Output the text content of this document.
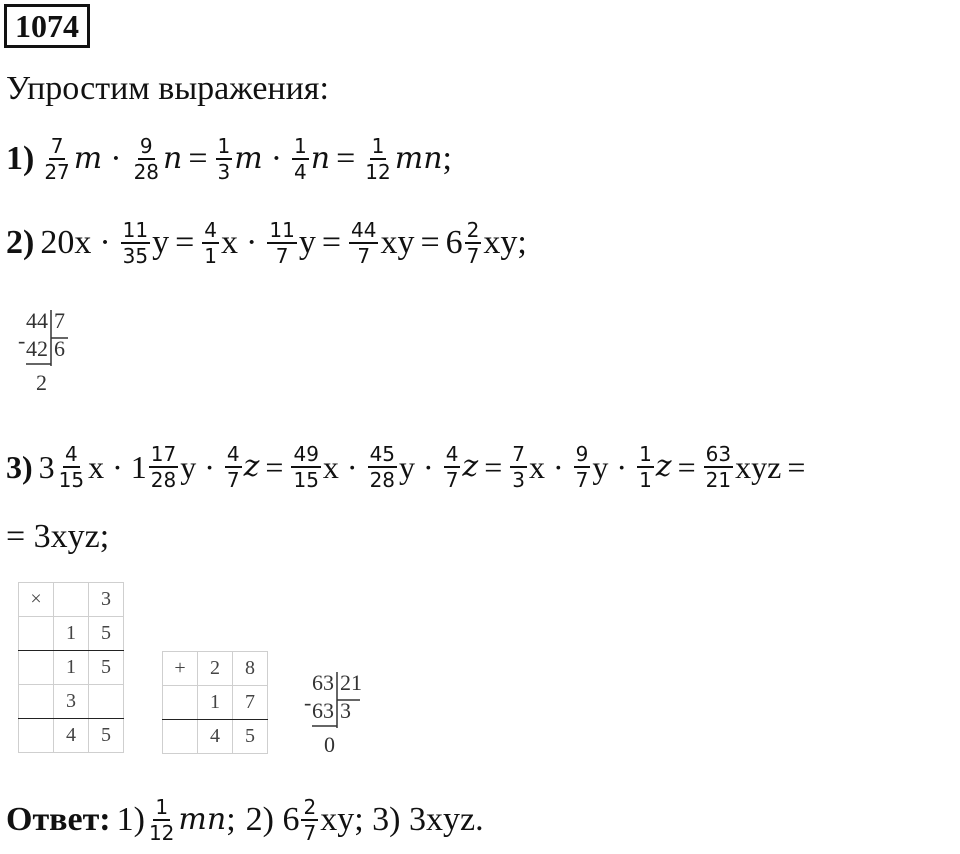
1074
Упростим выражения:
$1) \frac{7}{27}$ $m \cdot \frac{9}{28}$ $n = \frac{1}{3}$ $m \cdot \frac{1}{4}$ $n = \frac{1}{12}$ mn ;
2) $20x \cdot \frac{11}{35}$ $y = \frac{4}{1}$ $x \cdot \frac{11}{7}$ $y = \frac{44}{7}$ xy = $6 \frac{2}{7}$ xy;
-
44 7
42 6
2
3) $3 \frac{4}{15}$ $x \cdot 1 \frac{17}{28}$ $y \cdot \frac{4}{7}$ $z = \frac{49}{15}$ $x \cdot \frac{45}{28}$ $y \cdot \frac{4}{7}$ $z = \frac{7}{3}$ $x \cdot \frac{9}{7}$ $y \cdot \frac{1}{1}$ $z = \frac{63}{21}$ xyz =
= 3xyz;
×		3
	1	5
	1	5
	3	
	4	5
+	2	8
	1	7
	4	5
-
63 21
63 3
0
Ответ: $1) \frac{1}{12}$ mn ; 2) $6 \frac{2}{7}$ xy; 3) 3xyz.
